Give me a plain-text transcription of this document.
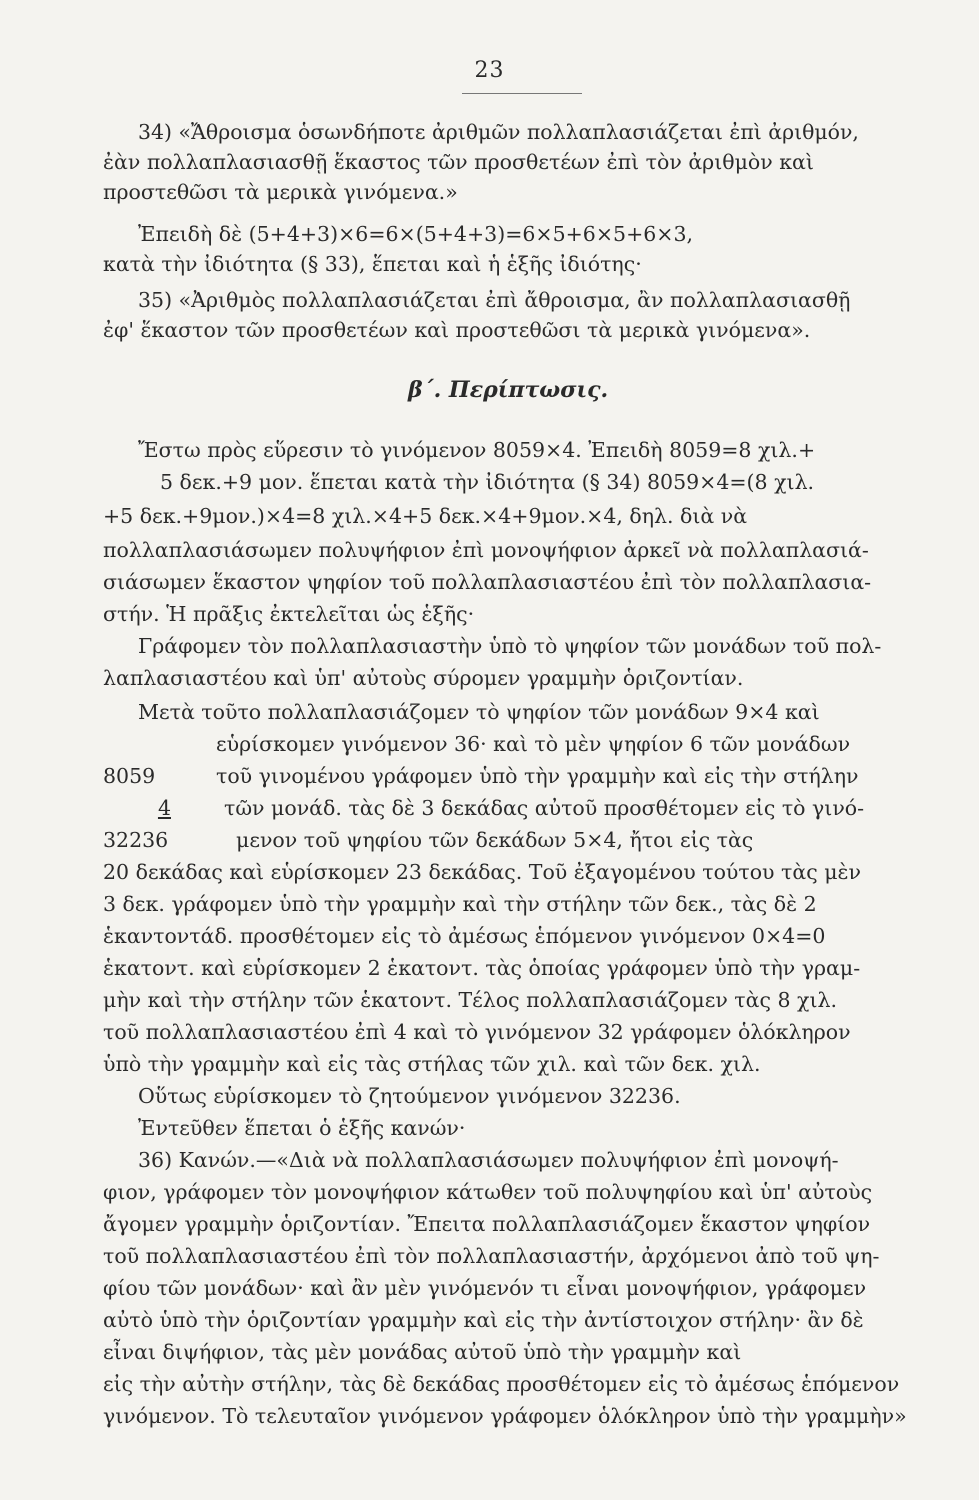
23
34) «Ἄθροισμα ὁσωνδήποτε ἀριθμῶν πολλαπλασιάζεται ἐπὶ ἀριθμόν,
ἐὰν πολλαπλασιασθῇ ἕκαστος τῶν προσθετέων ἐπὶ τὸν ἀριθμὸν καὶ
προστεθῶσι τὰ μερικὰ γινόμενα.»
Ἐπειδὴ δὲ (5+4+3)×6=6×(5+4+3)=6×5+6×5+6×3,
κατὰ τὴν ἰδιότητα (§ 33), ἕπεται καὶ ἡ ἑξῆς ἰδιότης·
35) «Ἀριθμὸς πολλαπλασιάζεται ἐπὶ ἄθροισμα, ἂν πολλαπλασιασθῇ
ἐφ' ἕκαστον τῶν προσθετέων καὶ προστεθῶσι τὰ μερικὰ γινόμενα».
β΄. Περίπτωσις.
Ἔστω πρὸς εὕρεσιν τὸ γινόμενον 8059×4. Ἐπειδὴ 8059=8 χιλ.+
5 δεκ.+9 μον. ἕπεται κατὰ τὴν ἰδιότητα (§ 34) 8059×4=(8 χιλ.
+5 δεκ.+9μον.)×4=8 χιλ.×4+5 δεκ.×4+9μον.×4, δηλ. διὰ νὰ
πολλαπλασιάσωμεν πολυψήφιον ἐπὶ μονοψήφιον ἀρκεῖ νὰ πολλαπλασιά-
σιάσωμεν ἕκαστον ψηφίον τοῦ πολλαπλασιαστέου ἐπὶ τὸν πολλαπλασια-
στήν. Ἡ πρᾶξις ἐκτελεῖται ὡς ἑξῆς·
Γράφομεν τὸν πολλαπλασιαστὴν ὑπὸ τὸ ψηφίον τῶν μονάδων τοῦ πολ-
λαπλασιαστέου καὶ ὑπ' αὐτοὺς σύρομεν γραμμὴν ὁριζοντίαν.
Μετὰ τοῦτο πολλαπλασιάζομεν τὸ ψηφίον τῶν μονάδων 9×4 καὶ
εὑρίσκομεν γινόμενον 36· καὶ τὸ μὲν ψηφίον 6 τῶν μονάδων
τοῦ γινομένου γράφομεν ὑπὸ τὴν γραμμὴν καὶ εἰς τὴν στήλην
τῶν μονάδ. τὰς δὲ 3 δεκάδας αὐτοῦ προσθέτομεν εἰς τὸ γινό-
μενον τοῦ ψηφίου τῶν δεκάδων 5×4, ἤτοι εἰς τὰς
8059
4
32236
20 δεκάδας καὶ εὑρίσκομεν 23 δεκάδας. Τοῦ ἐξαγομένου τούτου τὰς μὲν
3 δεκ. γράφομεν ὑπὸ τὴν γραμμὴν καὶ τὴν στήλην τῶν δεκ., τὰς δὲ 2
ἑκαντοντάδ. προσθέτομεν εἰς τὸ ἀμέσως ἑπόμενον γινόμενον 0×4=0
ἑκατοντ. καὶ εὑρίσκομεν 2 ἑκατοντ. τὰς ὁποίας γράφομεν ὑπὸ τὴν γραμ-
μὴν καὶ τὴν στήλην τῶν ἑκατοντ. Τέλος πολλαπλασιάζομεν τὰς 8 χιλ.
τοῦ πολλαπλασιαστέου ἐπὶ 4 καὶ τὸ γινόμενον 32 γράφομεν ὁλόκληρον
ὑπὸ τὴν γραμμὴν καὶ εἰς τὰς στήλας τῶν χιλ. καὶ τῶν δεκ. χιλ.
Οὕτως εὑρίσκομεν τὸ ζητούμενον γινόμενον 32236.
Ἐντεῦθεν ἕπεται ὁ ἑξῆς κανών·
36) Κανών.—«Διὰ νὰ πολλαπλασιάσωμεν πολυψήφιον ἐπὶ μονοψή-
φιον, γράφομεν τὸν μονοψήφιον κάτωθεν τοῦ πολυψηφίου καὶ ὑπ' αὐτοὺς
ἄγομεν γραμμὴν ὁριζοντίαν. Ἔπειτα πολλαπλασιάζομεν ἕκαστον ψηφίον
τοῦ πολλαπλασιαστέου ἐπὶ τὸν πολλαπλασιαστήν, ἀρχόμενοι ἀπὸ τοῦ ψη-
φίου τῶν μονάδων· καὶ ἂν μὲν γινόμενόν τι εἶναι μονοψήφιον, γράφομεν
αὐτὸ ὑπὸ τὴν ὁριζοντίαν γραμμὴν καὶ εἰς τὴν ἀντίστοιχον στήλην· ἂν δὲ
εἶναι διψήφιον, τὰς μὲν μονάδας αὐτοῦ ὑπὸ τὴν γραμμὴν καὶ
εἰς τὴν αὐτὴν στήλην, τὰς δὲ δεκάδας προσθέτομεν εἰς τὸ ἀμέσως ἑπόμενον
γινόμενον. Τὸ τελευταῖον γινόμενον γράφομεν ὁλόκληρον ὑπὸ τὴν γραμμὴν»
